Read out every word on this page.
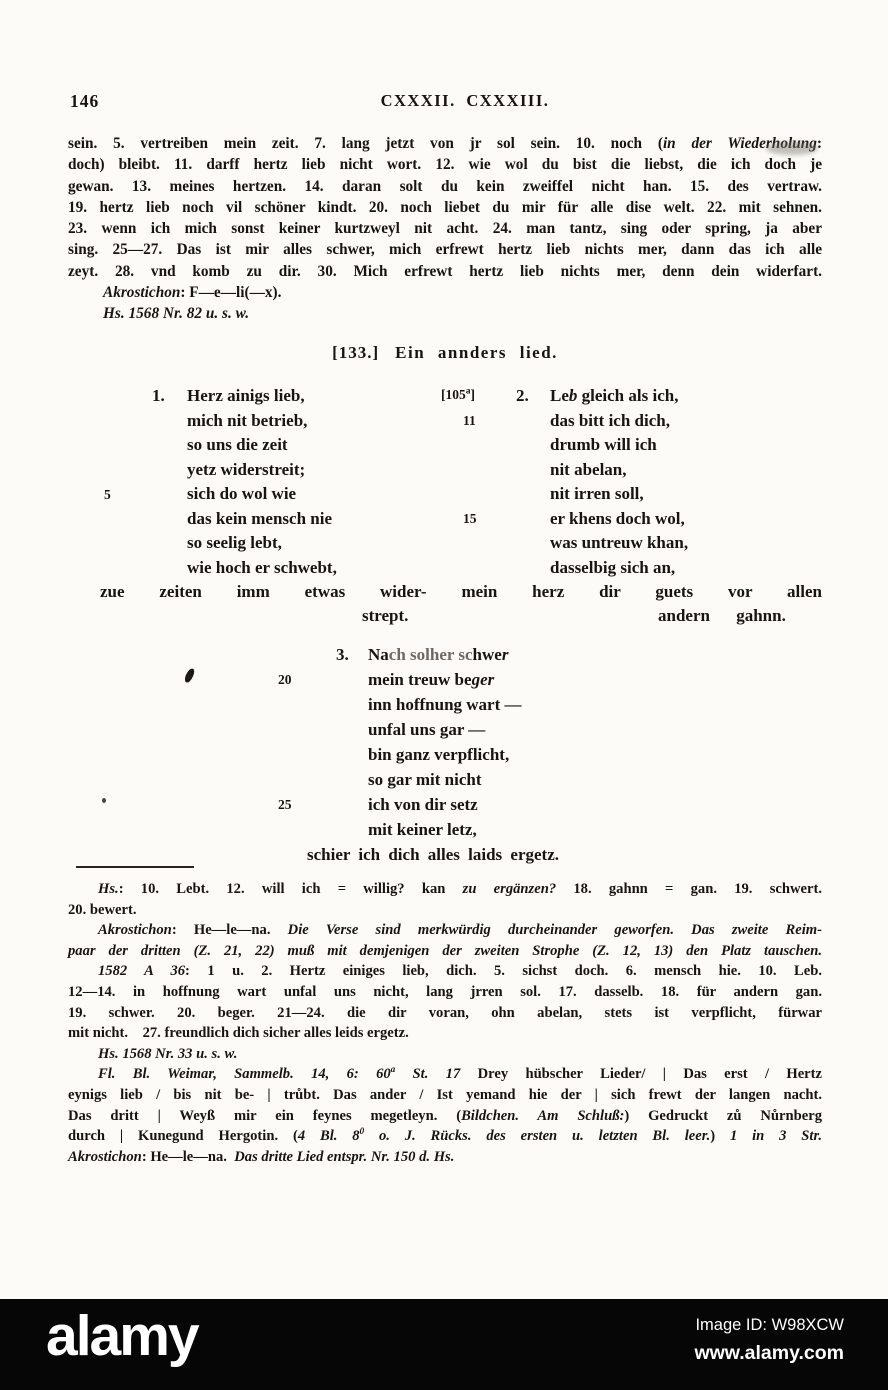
146	CXXXII. CXXXIII.
sein. 5. vertreiben mein zeit. 7. lang jetzt von jr sol sein. 10. noch (in der Wiederholung:
doch) bleibt. 11. darff hertz lieb nicht wort. 12. wie wol du bist die liebst, die ich doch je
gewan. 13. meines hertzen. 14. daran solt du kein zweiffel nicht han. 15. des vertraw.
19. hertz lieb noch vil schöner kindt. 20. noch liebet du mir für alle dise welt. 22. mit sehnen.
23. wenn ich mich sonst keiner kurtzweyl nit acht. 24. man tantz, sing oder spring, ja aber
sing. 25—27. Das ist mir alles schwer, mich erfrewt hertz lieb nichts mer, dann das ich alle
zeyt. 28. vnd komb zu dir. 30. Mich erfrewt hertz lieb nichts mer, denn dein widerfart.
Akrostichon: F—e—li(—x).
Hs. 1568 Nr. 82 u. s. w.
[133.] Ein annders lied.
1. Herz ainigs lieb,
mich nit betrieb,
so uns die zeit
yetz widerstreit;
5	sich do wol wie
das kein mensch nie
so seelig lebt,
wie hoch er schwebt,
[105$^a$]
11
15
2. Leb gleich als ich,
das bitt ich dich,
drumb will ich
nit abelan,
nit irren soll,
er khens doch wol,
was untreuw khan,
dasselbig sich an,
zue zeiten imm etwas wider- mein herz dir guets vor allen
strept.	andern gahnn.
3. Nach solher schwer
20	mein treuw beger
inn hoffnung wart —
unfal uns gar —
bin ganz verpflicht,
so gar mit nicht
25	ich von dir setz
mit keiner letz,
schier ich dich alles laids ergetz.
Hs.: 10. Lebt. 12. will ich = willig? kan zu ergänzen? 18. gahnn = gan. 19. schwert.
20. bewert.
Akrostichon: He—le—na. Die Verse sind merkwürdig durcheinander geworfen. Das zweite Reim-
paar der dritten (Z. 21, 22) muß mit demjenigen der zweiten Strophe (Z. 12, 13) den Platz tauschen.
1582 A 36: 1 u. 2. Hertz einiges lieb, dich. 5. sichst doch. 6. mensch hie. 10. Leb.
12—14. in hoffnung wart unfal uns nicht, lang jrren sol. 17. dasselb. 18. für andern gan.
19. schwer. 20. beger. 21—24. die dir voran, ohn abelan, stets ist verpflicht, fürwar
mit nicht. 27. freundlich dich sicher alles leids ergetz.
Hs. 1568 Nr. 33 u. s. w.
Fl. Bl. Weimar, Sammelb. 14, 6: 60$^a$ St. 17 Drey hübscher Lieder/ | Das erst / Hertz
eynigs lieb / bis nit be- | trůbt. Das ander / Ist yemand hie der | sich frewt der langen nacht.
Das dritt | Weyß mir ein feynes megetleyn. (Bildchen. Am Schluß:) Gedruckt zů Nůrnberg
durch | Kunegund Hergotin. (4 Bl. $8^0$ o. J. Rücks. des ersten u. letzten Bl. leer.) 1 in 3 Str.
Akrostichon: He—le—na. Das dritte Lied entspr. Nr. 150 d. Hs.
alamy	Image ID: W98XCW
www.alamy.com
